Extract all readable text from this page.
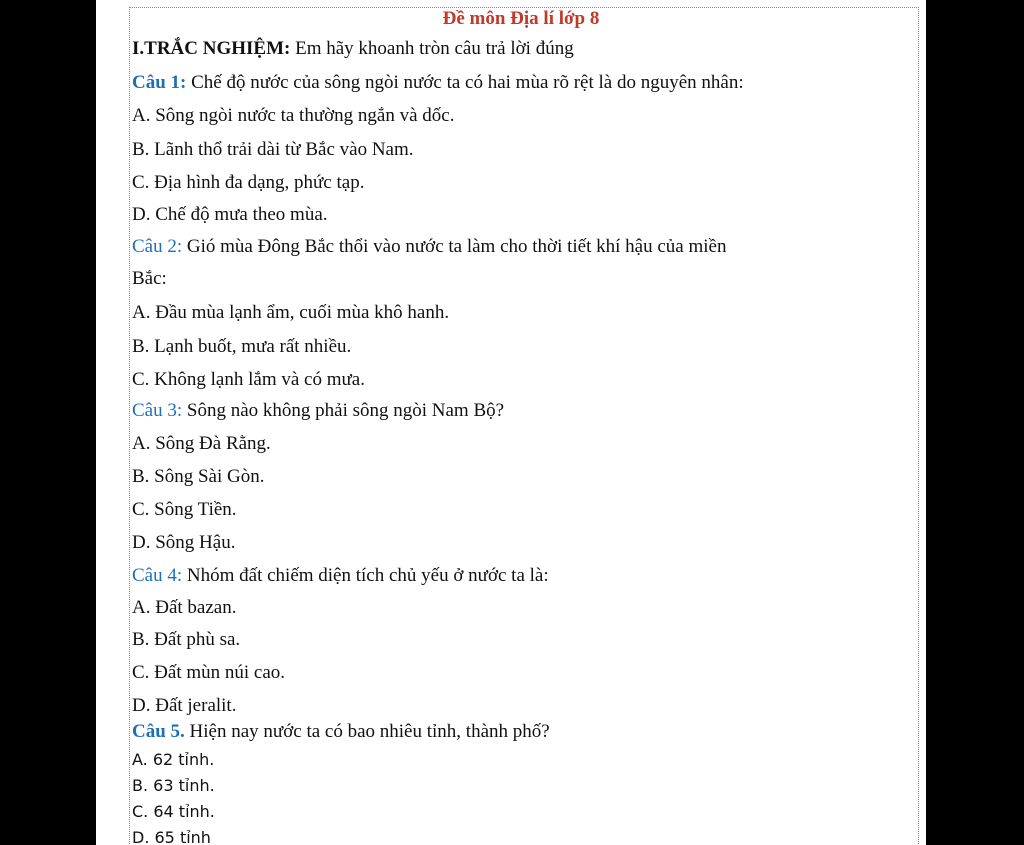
Đề môn Địa lí lớp 8
I.TRẮC NGHIỆM: Em hãy khoanh tròn câu trả lời đúng
Câu 1: Chế độ nước của sông ngòi nước ta có hai mùa rõ rệt là do nguyên nhân:
A. Sông ngòi nước ta thường ngắn và dốc.
B. Lãnh thổ trải dài từ Bắc vào Nam.
C. Địa hình đa dạng, phức tạp.
D. Chế độ mưa theo mùa.
Câu 2: Gió mùa Đông Bắc thổi vào nước ta làm cho thời tiết khí hậu của miền
Bắc:
A. Đầu mùa lạnh ẩm, cuối mùa khô hanh.
B. Lạnh buốt, mưa rất nhiều.
C. Không lạnh lắm và có mưa.
Câu 3: Sông nào không phải sông ngòi Nam Bộ?
A. Sông Đà Rằng.
B. Sông Sài Gòn.
C. Sông Tiền.
D. Sông Hậu.
Câu 4: Nhóm đất chiếm diện tích chủ yếu ở nước ta là:
A. Đất bazan.
B. Đất phù sa.
C. Đất mùn núi cao.
D. Đất jeralit.
Câu 5. Hiện nay nước ta có bao nhiêu tỉnh, thành phố?
A. 62 tỉnh.
B. 63 tỉnh.
C. 64 tỉnh.
D. 65 tỉnh
